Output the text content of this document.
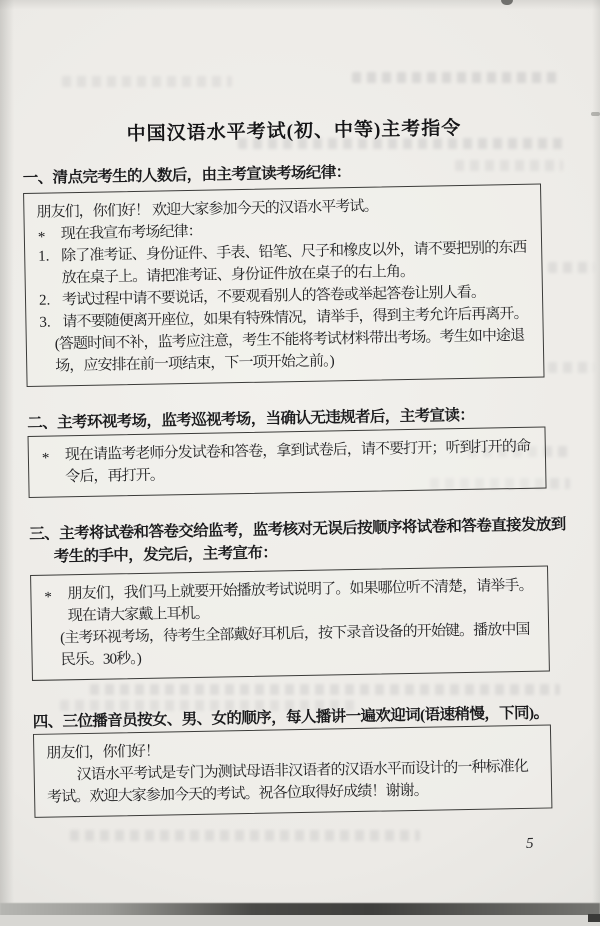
中国汉语水平考试(初、中等)主考指令
一、清点完考生的人数后，由主考宣读考场纪律：
朋友们，你们好！ 欢迎大家参加今天的汉语水平考试。
* 现在我宣布考场纪律：
1. 除了准考证、身份证件、手表、铅笔、尺子和橡皮以外，请不要把别的东西放在桌子上。请把准考证、身份证件放在桌子的右上角。
2. 考试过程中请不要说话，不要观看别人的答卷或举起答卷让别人看。
3. 请不要随便离开座位，如果有特殊情况，请举手，得到主考允许后再离开。
(答题时间不补，监考应注意，考生不能将考试材料带出考场。考生如中途退场，应安排在前一项结束，下一项开始之前。)
二、主考环视考场，监考巡视考场，当确认无违规者后，主考宣读：
* 现在请监考老师分发试卷和答卷，拿到试卷后，请不要打开；听到打开的命令后，再打开。
三、主考将试卷和答卷交给监考，监考核对无误后按顺序将试卷和答卷直接发放到考生的手中，发完后，主考宣布：
* 朋友们，我们马上就要开始播放考试说明了。如果哪位听不清楚，请举手。现在请大家戴上耳机。
(主考环视考场，待考生全部戴好耳机后，按下录音设备的开始键。播放中国民乐。30秒。)
四、三位播音员按女、男、女的顺序，每人播讲一遍欢迎词(语速稍慢，下同)。
朋友们，你们好！
汉语水平考试是专门为测试母语非汉语者的汉语水平而设计的一种标准化考试。欢迎大家参加今天的考试。祝各位取得好成绩！谢谢。
5
